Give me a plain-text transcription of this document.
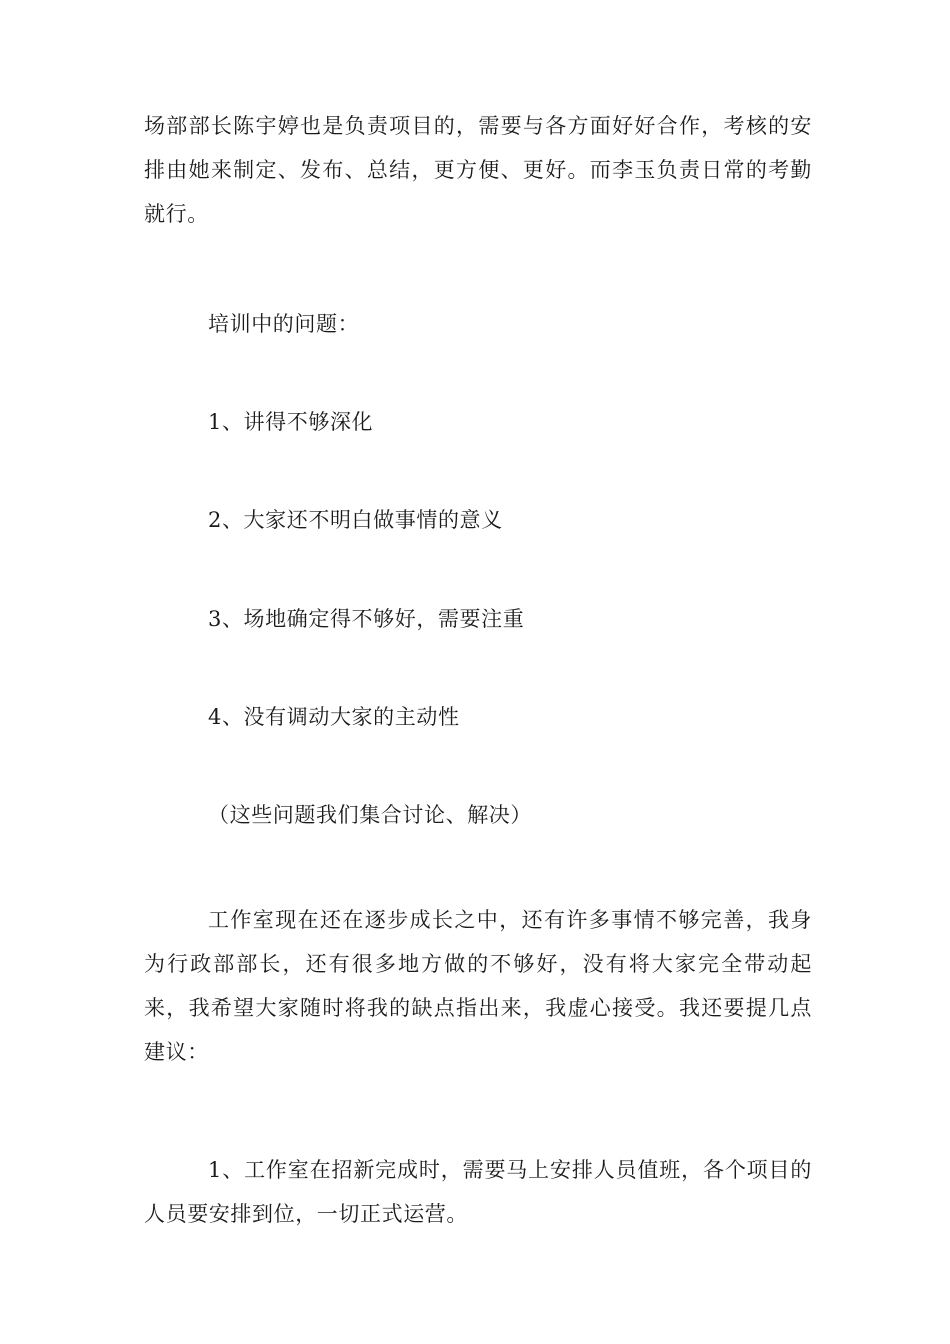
场部部长陈宇婷也是负责项目的，需要与各方面好好合作，考核的安排由她来制定、发布、总结，更方便、更好。而李玉负责日常的考勤就行。

培训中的问题：

1、讲得不够深化

2、大家还不明白做事情的意义

3、场地确定得不够好，需要注重

4、没有调动大家的主动性

（这些问题我们集合讨论、解决）

工作室现在还在逐步成长之中，还有许多事情不够完善，我身为行政部部长，还有很多地方做的不够好，没有将大家完全带动起来，我希望大家随时将我的缺点指出来，我虚心接受。我还要提几点建议：

1、工作室在招新完成时，需要马上安排人员值班，各个项目的人员要安排到位，一切正式运营。
